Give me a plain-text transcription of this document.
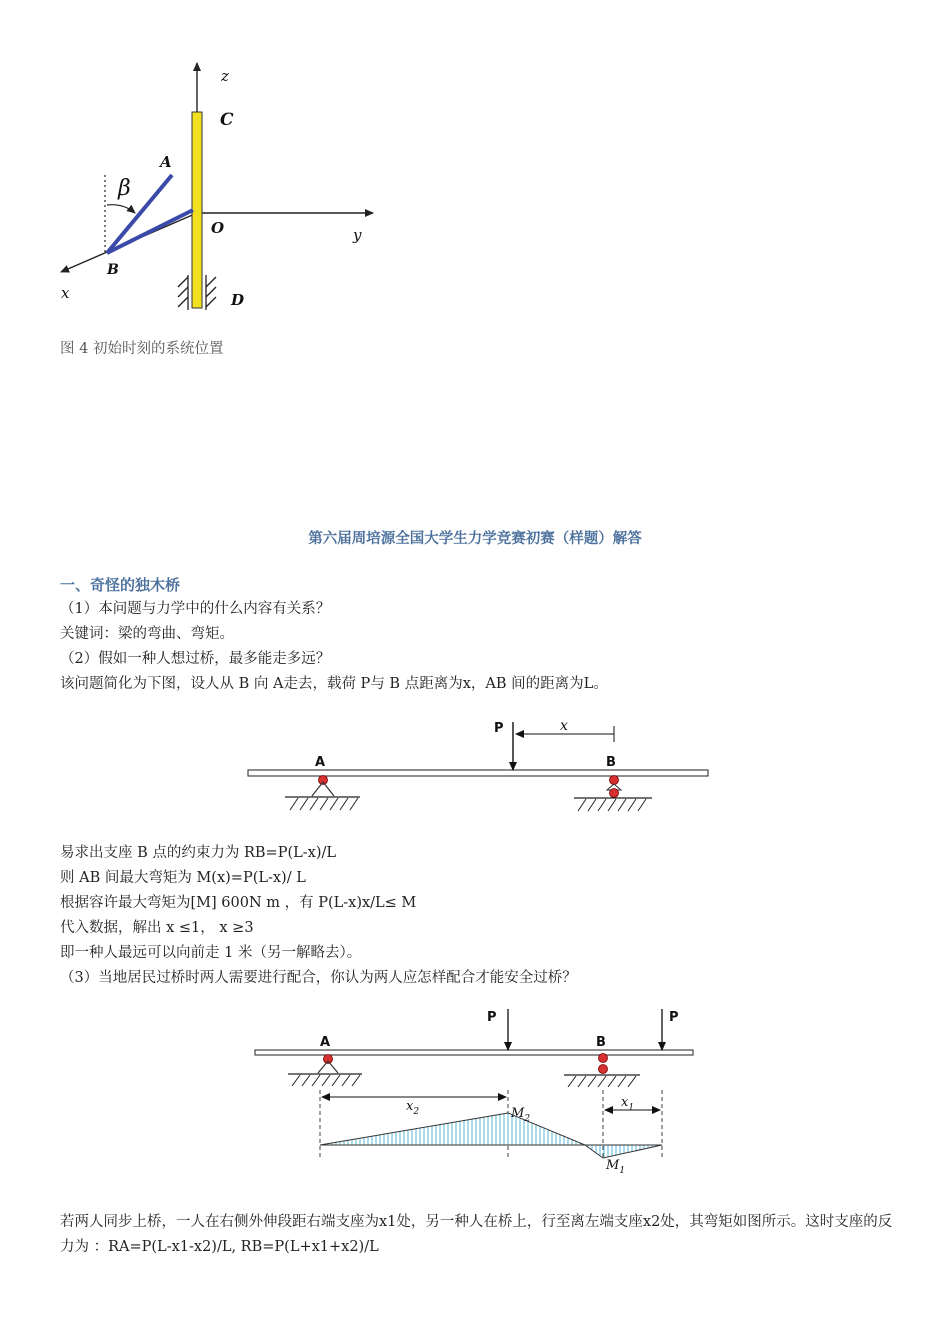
z
C
A
β
O	y
B
x	D
图 4 初始时刻的系统位置
第六届周培源全国大学生力学竞赛初赛（样题）解答
一、奇怪的独木桥
（1）本问题与力学中的什么内容有关系？
关键词：梁的弯曲、弯矩。
（2）假如一种人想过桥，最多能走多远？
该问题简化为下图，设人从 B 向 A走去，载荷 P与 B 点距离为x，AB 间的距离为L。
P	x
A	B
易求出支座 B 点的约束力为 RB=P(L-x)/L
则 AB 间最大弯矩为 M(x)=P(L-x)/ L
根据容许最大弯矩为[M] 600N m ，有 P(L-x)x/L≤ M
代入数据，解出 x ≤1， x ≥3
即一种人最远可以向前走 1 米（另一解略去）。
（3）当地居民过桥时两人需要进行配合，你认为两人应怎样配合才能安全过桥？
P	P
A	B
$x_2$
$x_1$
$M_2$
$M_1$
若两人同步上桥，一人在右侧外伸段距右端支座为x1处，另一种人在桥上，行至离左端支座x2处，其弯矩如图所示。这时支座的反力为 ：RA=P(L-x1-x2)/L, RB=P(L+x1+x2)/L
